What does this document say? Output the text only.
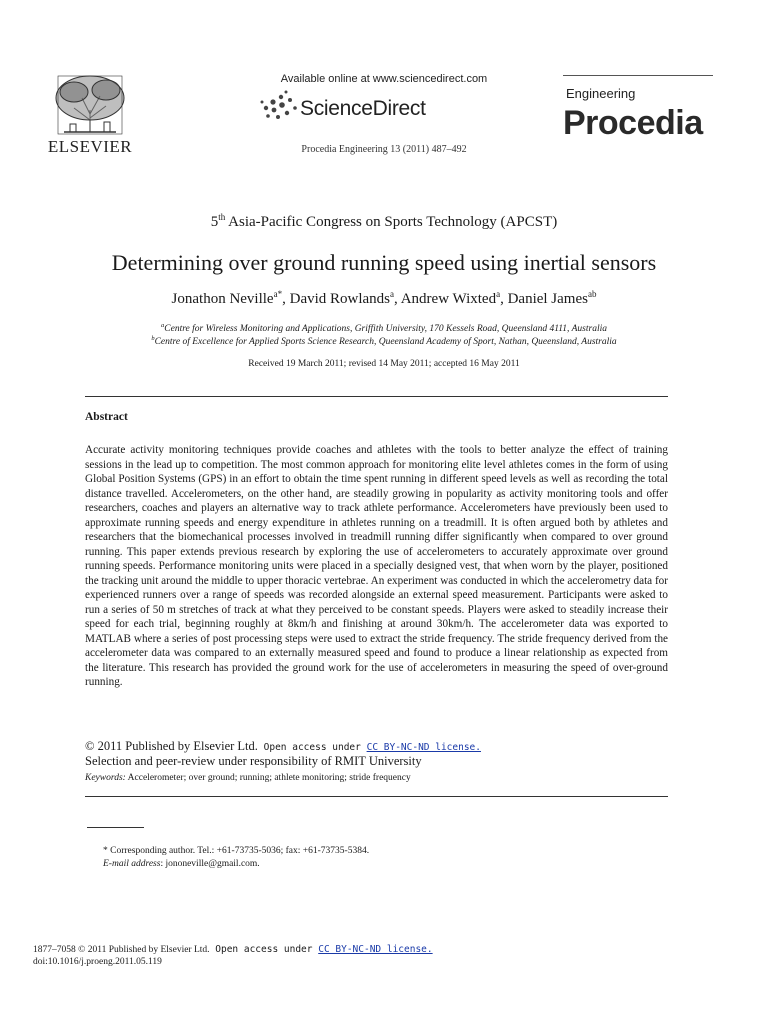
ELSEVIER
Available online at www.sciencedirect.com
ScienceDirect
Procedia Engineering 13 (2011) 487–492
Engineering
Procedia
5th Asia-Pacific Congress on Sports Technology (APCST)
Determining over ground running speed using inertial sensors
Jonathon Neville$^{a*}$, David Rowlands$^a$, Andrew Wixted$^a$, Daniel James$^{ab}$
$^a$Centre for Wireless Monitoring and Applications, Griffith University, 170 Kessels Road, Queensland 4111, Australia
$^b$Centre of Excellence for Applied Sports Science Research, Queensland Academy of Sport, Nathan, Queensland, Australia
Received 19 March 2011; revised 14 May 2011; accepted 16 May 2011
Abstract
Accurate activity monitoring techniques provide coaches and athletes with the tools to better analyze the effect of training sessions in the lead up to competition. The most common approach for monitoring elite level athletes comes in the form of using Global Position Systems (GPS) in an effort to obtain the time spent running in different speed levels as well as recording the total distance travelled. Accelerometers, on the other hand, are steadily growing in popularity as activity monitoring tools and offer researchers, coaches and players an alternative way to track athlete performance. Accelerometers have previously been used to approximate running speeds and energy expenditure in athletes running on a treadmill. It is often argued both by athletes and researchers that the biomechanical processes involved in treadmill running differ significantly when compared to over ground running. This paper extends previous research by exploring the use of accelerometers to accurately approximate over ground running speeds. Performance monitoring units were placed in a specially designed vest, that when worn by the player, positioned the tracking unit around the middle to upper thoracic vertebrae. An experiment was conducted in which the accelerometry data for experienced runners over a range of speeds was recorded alongside an external speed measurement. Participants were asked to run a series of 50 m stretches of track at what they perceived to be constant speeds. Players were asked to steadily increase their speed for each trial, beginning roughly at 8km/h and finishing at around 30km/h. The accelerometer data was exported to MATLAB where a series of post processing steps were used to extract the stride frequency. The stride frequency derived from the accelerometer data was compared to an externally measured speed and found to produce a linear relationship as expected from the literature. This research has provided the ground work for the use of accelerometers in measuring the speed of over-ground running.
© 2011 Published by Elsevier Ltd. Open access under CC BY-NC-ND license.
Selection and peer-review under responsibility of RMIT University
Keywords: Accelerometer; over ground; running; athlete monitoring; stride frequency
* Corresponding author. Tel.: +61-73735-5036; fax: +61-73735-5384.
E-mail address: jononeville@gmail.com.
1877–7058 © 2011 Published by Elsevier Ltd. Open access under CC BY-NC-ND license.
doi:10.1016/j.proeng.2011.05.119
